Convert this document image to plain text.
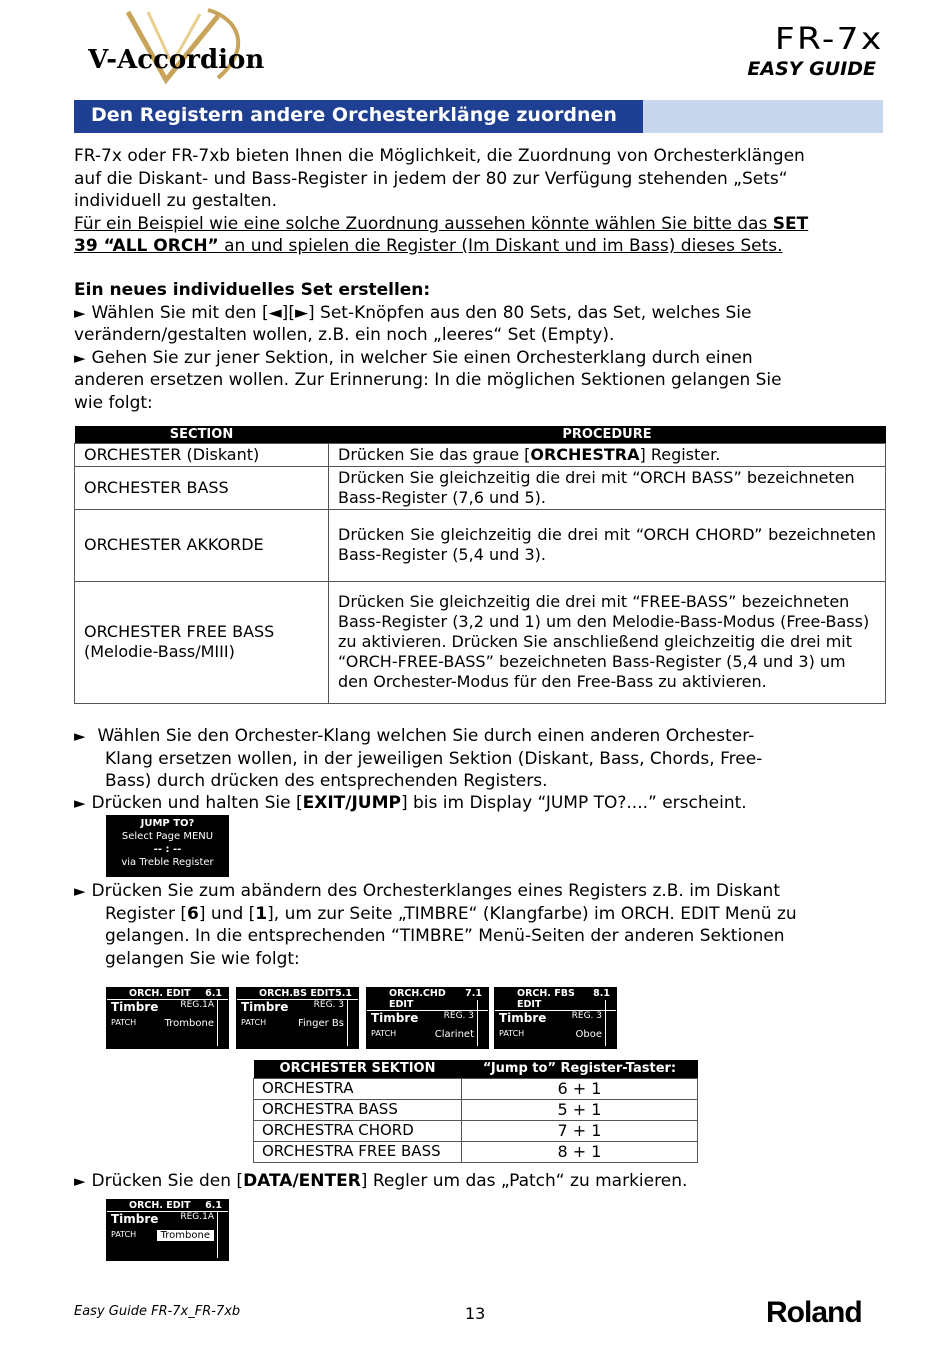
V-Accordion
FR-7x
EASY GUIDE
Den Registern andere Orchesterklänge zuordnen
FR-7x oder FR-7xb bieten Ihnen die Möglichkeit, die Zuordnung von Orchesterklängen
auf die Diskant- und Bass-Register in jedem der 80 zur Verfügung stehenden „Sets“
individuell zu gestalten.
Für ein Beispiel wie eine solche Zuordnung aussehen könnte wählen Sie bitte das SET
39 “ALL ORCH” an und spielen die Register (Im Diskant und im Bass) dieses Sets.
Ein neues individuelles Set erstellen:
► Wählen Sie mit den [◄][►] Set-Knöpfen aus den 80 Sets, das Set, welches Sie
verändern/gestalten wollen, z.B. ein noch „leeres“ Set (Empty).
► Gehen Sie zur jener Sektion, in welcher Sie einen Orchesterklang durch einen
anderen ersetzen wollen. Zur Erinnerung: In die möglichen Sektionen gelangen Sie
wie folgt:
SECTION	PROCEDURE
ORCHESTER (Diskant)	Drücken Sie das graue [ORCHESTRA] Register.
ORCHESTER BASS	Drücken Sie gleichzeitig die drei mit “ORCH BASS” bezeichneten Bass-Register (7,6 und 5).
ORCHESTER AKKORDE	Drücken Sie gleichzeitig die drei mit “ORCH CHORD” bezeichneten Bass-Register (5,4 und 3).

ORCHESTER FREE BASS
(Melodie-Bass/MIII)	Drücken Sie gleichzeitig die drei mit “FREE-BASS” bezeichneten Bass-Register (3,2 und 1) um den Melodie-Bass-Modus (Free-Bass) zu aktivieren. Drücken Sie anschließend gleichzeitig die drei mit “ORCH-FREE-BASS” bezeichneten Bass-Register (5,4 und 3) um den Orchester-Modus für den Free-Bass zu aktivieren.
► Wählen Sie den Orchester-Klang welchen Sie durch einen anderen Orchester-
Klang ersetzen wollen, in der jeweiligen Sektion (Diskant, Bass, Chords, Free-
Bass) durch drücken des entsprechenden Registers.
► Drücken und halten Sie [EXIT/JUMP] bis im Display “JUMP TO?....” erscheint.
JUMP TO?
Select Page MENU
-- : --
via Treble Register
► Drücken Sie zum abändern des Orchesterklanges eines Registers z.B. im Diskant
Register [6] und [1], um zur Seite „TIMBRE“ (Klangfarbe) im ORCH. EDIT Menü zu
gelangen. In die entsprechenden “TIMBRE” Menü-Seiten der anderen Sektionen
gelangen Sie wie folgt:
ORCH. EDIT 6.1
Timbre REG.1A
PATCH	Trombone
ORCH.BS EDIT 5.1
Timbre	REG. 3
PATCH	Finger Bs
ORCH.CHD EDIT
7.1
Timbre	REG. 3
PATCH	Clarinet
ORCH. FBS EDIT
8.1
Timbre	REG. 3
PATCH	Oboe
ORCHESTER SEKTION	“Jump to” Register-Taster:
ORCHESTRA	6 + 1
ORCHESTRA BASS	5 + 1
ORCHESTRA CHORD	7 + 1
ORCHESTRA FREE BASS	8 + 1
► Drücken Sie den [DATA/ENTER] Regler um das „Patch“ zu markieren.
ORCH. EDIT 6.1
Timbre REG.1A
PATCH	Trombone
Easy Guide FR-7x_FR-7xb	13	Roland
